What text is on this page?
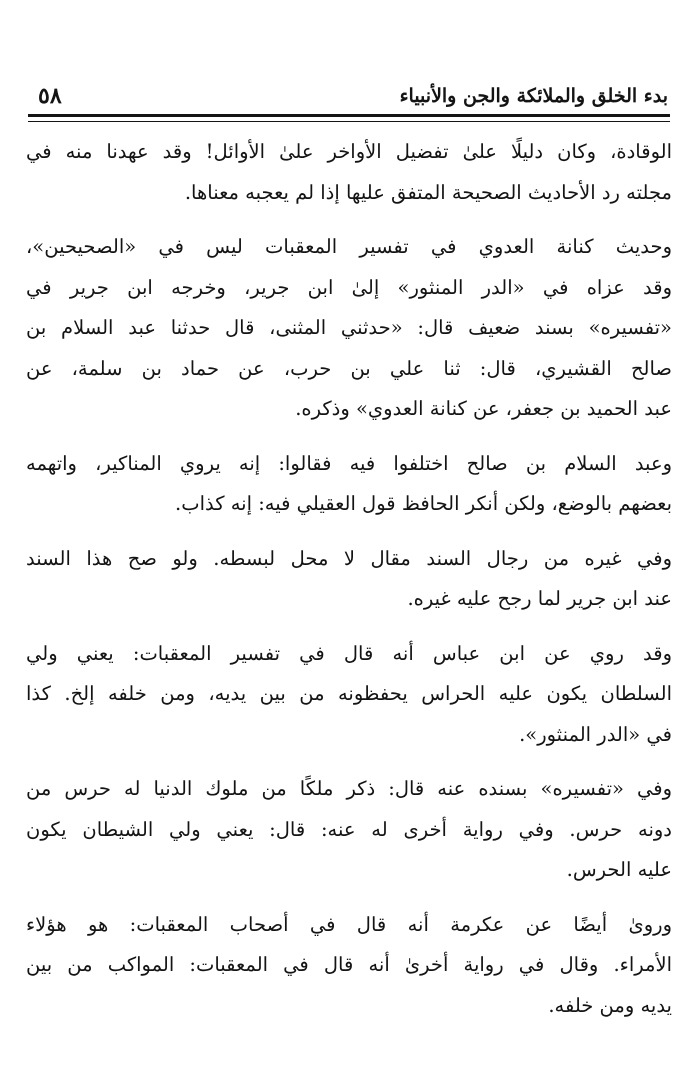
بدء الخلق والملائكة والجن والأنبياء
٥٨

الوقادة، وكان دليلًا علىٰ تفضيل الأواخر علىٰ الأوائل! وقد عهدنا منه في
مجلته رد الأحاديث الصحيحة المتفق عليها إذا لم يعجبه معناها.

وحديث كنانة العدوي في تفسير المعقبات ليس في «الصحيحين»،
وقد عزاه في «الدر المنثور» إلىٰ ابن جرير، وخرجه ابن جرير في
«تفسيره» بسند ضعيف قال: «حدثني المثنى، قال حدثنا عبد السلام بن
صالح القشيري، قال: ثنا علي بن حرب، عن حماد بن سلمة، عن
عبد الحميد بن جعفر، عن كنانة العدوي» وذكره.

وعبد السلام بن صالح اختلفوا فيه فقالوا: إنه يروي المناكير، واتهمه
بعضهم بالوضع، ولكن أنكر الحافظ قول العقيلي فيه: إنه كذاب.

وفي غيره من رجال السند مقال لا محل لبسطه. ولو صح هذا السند
عند ابن جرير لما رجح عليه غيره.

وقد روي عن ابن عباس أنه قال في تفسير المعقبات: يعني ولي
السلطان يكون عليه الحراس يحفظونه من بين يديه، ومن خلفه إلخ. كذا
في «الدر المنثور».

وفي «تفسيره» بسنده عنه قال: ذكر ملكًا من ملوك الدنيا له حرس من
دونه حرس. وفي رواية أخرى له عنه: قال: يعني ولي الشيطان يكون
عليه الحرس.

وروىٰ أيضًا عن عكرمة أنه قال في أصحاب المعقبات: هو هؤلاء
الأمراء. وقال في رواية أخرىٰ أنه قال في المعقبات: المواكب من بين
يديه ومن خلفه.
